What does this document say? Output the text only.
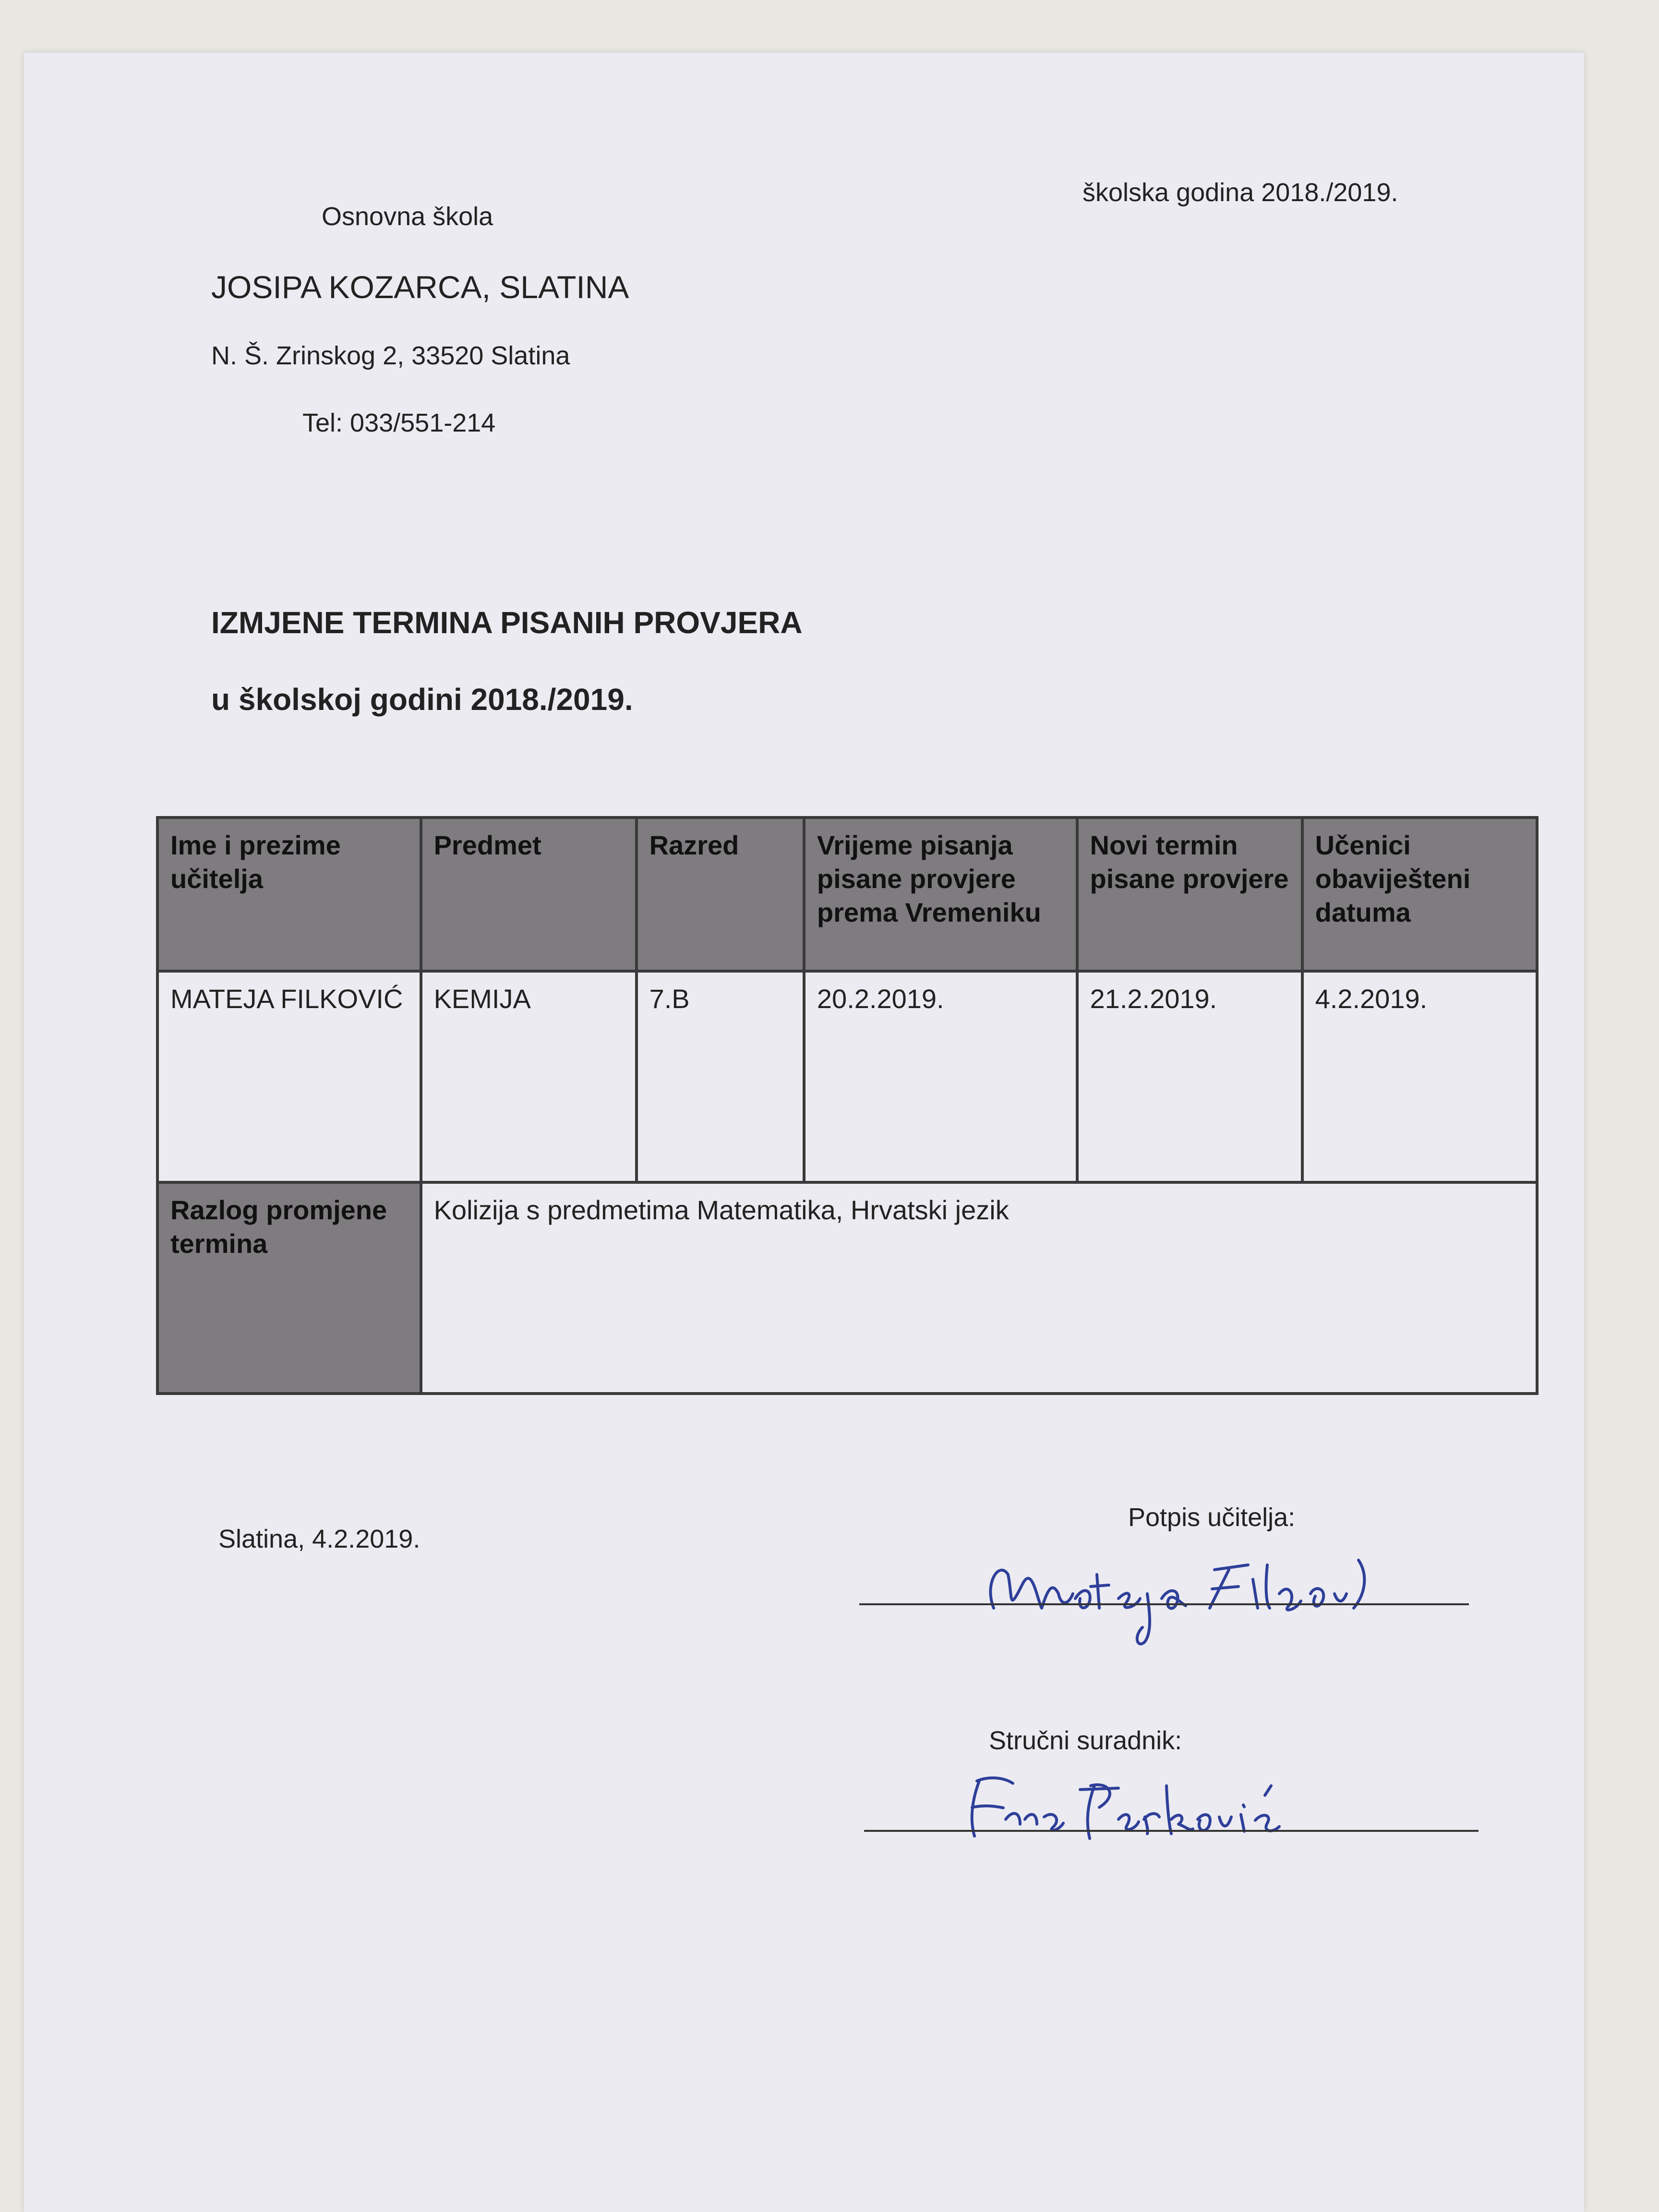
Osnovna škola
JOSIPA KOZARCA, SLATINA
N. Š. Zrinskog 2, 33520 Slatina
Tel: 033/551-214
školska godina 2018./2019.
IZMJENE TERMINA PISANIH PROVJERA
u školskoj godini 2018./2019.
Ime i prezime učitelja	Predmet	Razred	Vrijeme pisanja pisane provjere prema Vremeniku	Novi termin pisane provjere	Učenici obaviješteni datuma
MATEJA FILKOVIĆ	KEMIJA	7.B	20.2.2019.	21.2.2019.	4.2.2019.
Razlog promjene termina	Kolizija s predmetima Matematika, Hrvatski jezik				
Slatina, 4.2.2019.
Potpis učitelja:
Stručni suradnik:
